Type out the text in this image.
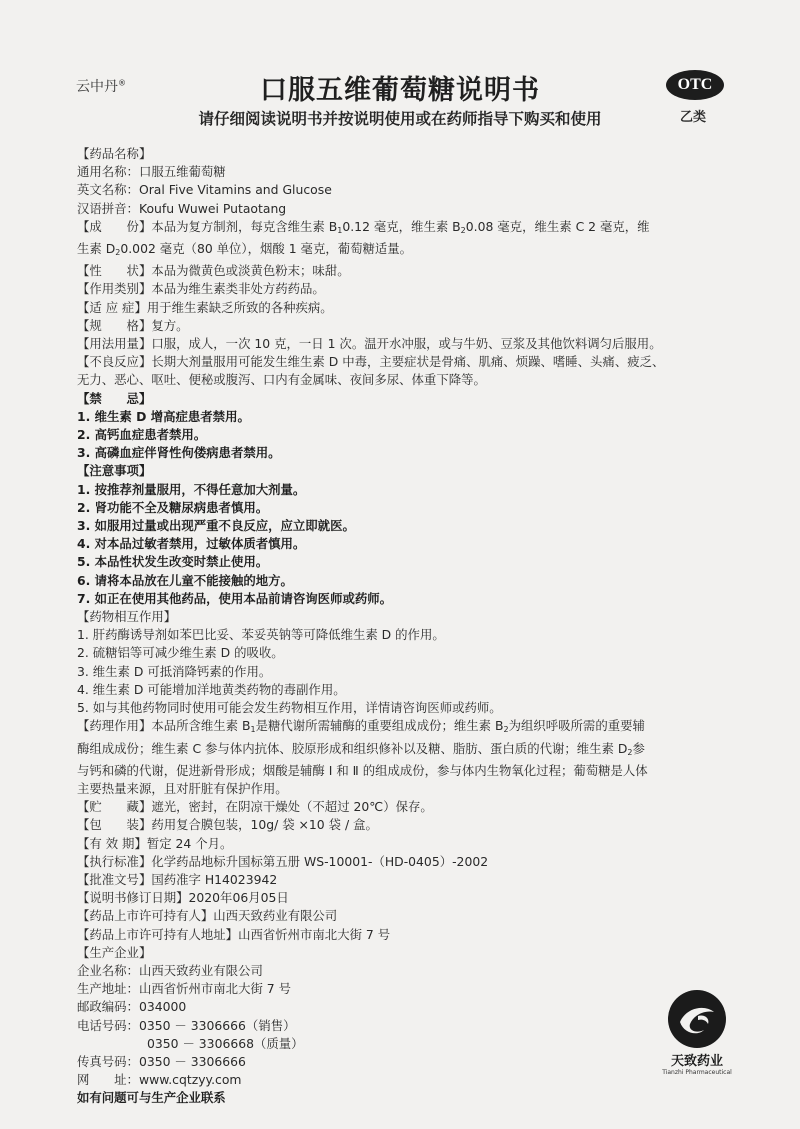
云中丹®	口服五维葡萄糖说明书
请仔细阅读说明书并按说明使用或在药师指导下购买和使用
OTC
乙类
【药品名称】
通用名称：口服五维葡萄糖
英文名称：Oral Five Vitamins and Glucose
汉语拼音：Koufu Wuwei Putaotang
【成　　份】本品为复方制剂，每克含维生素 $B_10.12$ 毫克，维生素 $B_20.08$ 毫克，维生素 C 2 毫克，维
生素 $D_20.002$ 毫克（80 单位），烟酸 1 毫克，葡萄糖适量。
【性　　状】本品为微黄色或淡黄色粉末；味甜。
【作用类别】本品为维生素类非处方药药品。
【适 应 症】用于维生素缺乏所致的各种疾病。
【规　　格】复方。
【用法用量】口服，成人，一次 10 克，一日 1 次。温开水冲服，或与牛奶、豆浆及其他饮料调匀后服用。
【不良反应】长期大剂量服用可能发生维生素 D 中毒，主要症状是骨痛、肌痛、烦躁、嗜睡、头痛、疲乏、
无力、恶心、呕吐、便秘或腹泻、口内有金属味、夜间多尿、体重下降等。
【禁　　忌】
1. 维生素 D 增高症患者禁用。
2. 高钙血症患者禁用。
3. 高磷血症伴肾性佝偻病患者禁用。
【注意事项】
1. 按推荐剂量服用，不得任意加大剂量。
2. 肾功能不全及糖尿病患者慎用。
3. 如服用过量或出现严重不良反应，应立即就医。
4. 对本品过敏者禁用，过敏体质者慎用。
5. 本品性状发生改变时禁止使用。
6. 请将本品放在儿童不能接触的地方。
7. 如正在使用其他药品，使用本品前请咨询医师或药师。
【药物相互作用】
1. 肝药酶诱导剂如苯巴比妥、苯妥英钠等可降低维生素 D 的作用。
2. 硫糖铝等可减少维生素 D 的吸收。
3. 维生素 D 可抵消降钙素的作用。
4. 维生素 D 可能增加洋地黄类药物的毒副作用。
5. 如与其他药物同时使用可能会发生药物相互作用，详情请咨询医师或药师。
【药理作用】本品所含维生素 $B_1$是糖代谢所需辅酶的重要组成成份；维生素 $B_2$为组织呼吸所需的重要辅
酶组成成份；维生素 C 参与体内抗体、胶原形成和组织修补以及糖、脂肪、蛋白质的代谢；维生素 $D_2$参
与钙和磷的代谢，促进新骨形成；烟酸是辅酶 Ⅰ 和 Ⅱ 的组成成份，参与体内生物氧化过程；葡萄糖是人体
主要热量来源，且对肝脏有保护作用。
【贮　　藏】遮光，密封，在阴凉干燥处（不超过 20℃）保存。
【包　　装】药用复合膜包装，10g/ 袋 ×10 袋 / 盒。
【有 效 期】暂定 24 个月。
【执行标准】化学药品地标升国标第五册 WS-10001-（HD-0405）-2002
【批准文号】国药准字 H14023942
【说明书修订日期】2020年06月05日
【药品上市许可持有人】山西天致药业有限公司
【药品上市许可持有人地址】山西省忻州市南北大街 7 号
【生产企业】
企业名称：山西天致药业有限公司
生产地址：山西省忻州市南北大街 7 号
邮政编码：034000
电话号码：0350 － 3306666（销售）
0350 － 3306668（质量）
传真号码：0350 － 3306666
网　　址：www.cqtzyy.com
如有问题可与生产企业联系
天致药业
Tianzhi Pharmaceutical
